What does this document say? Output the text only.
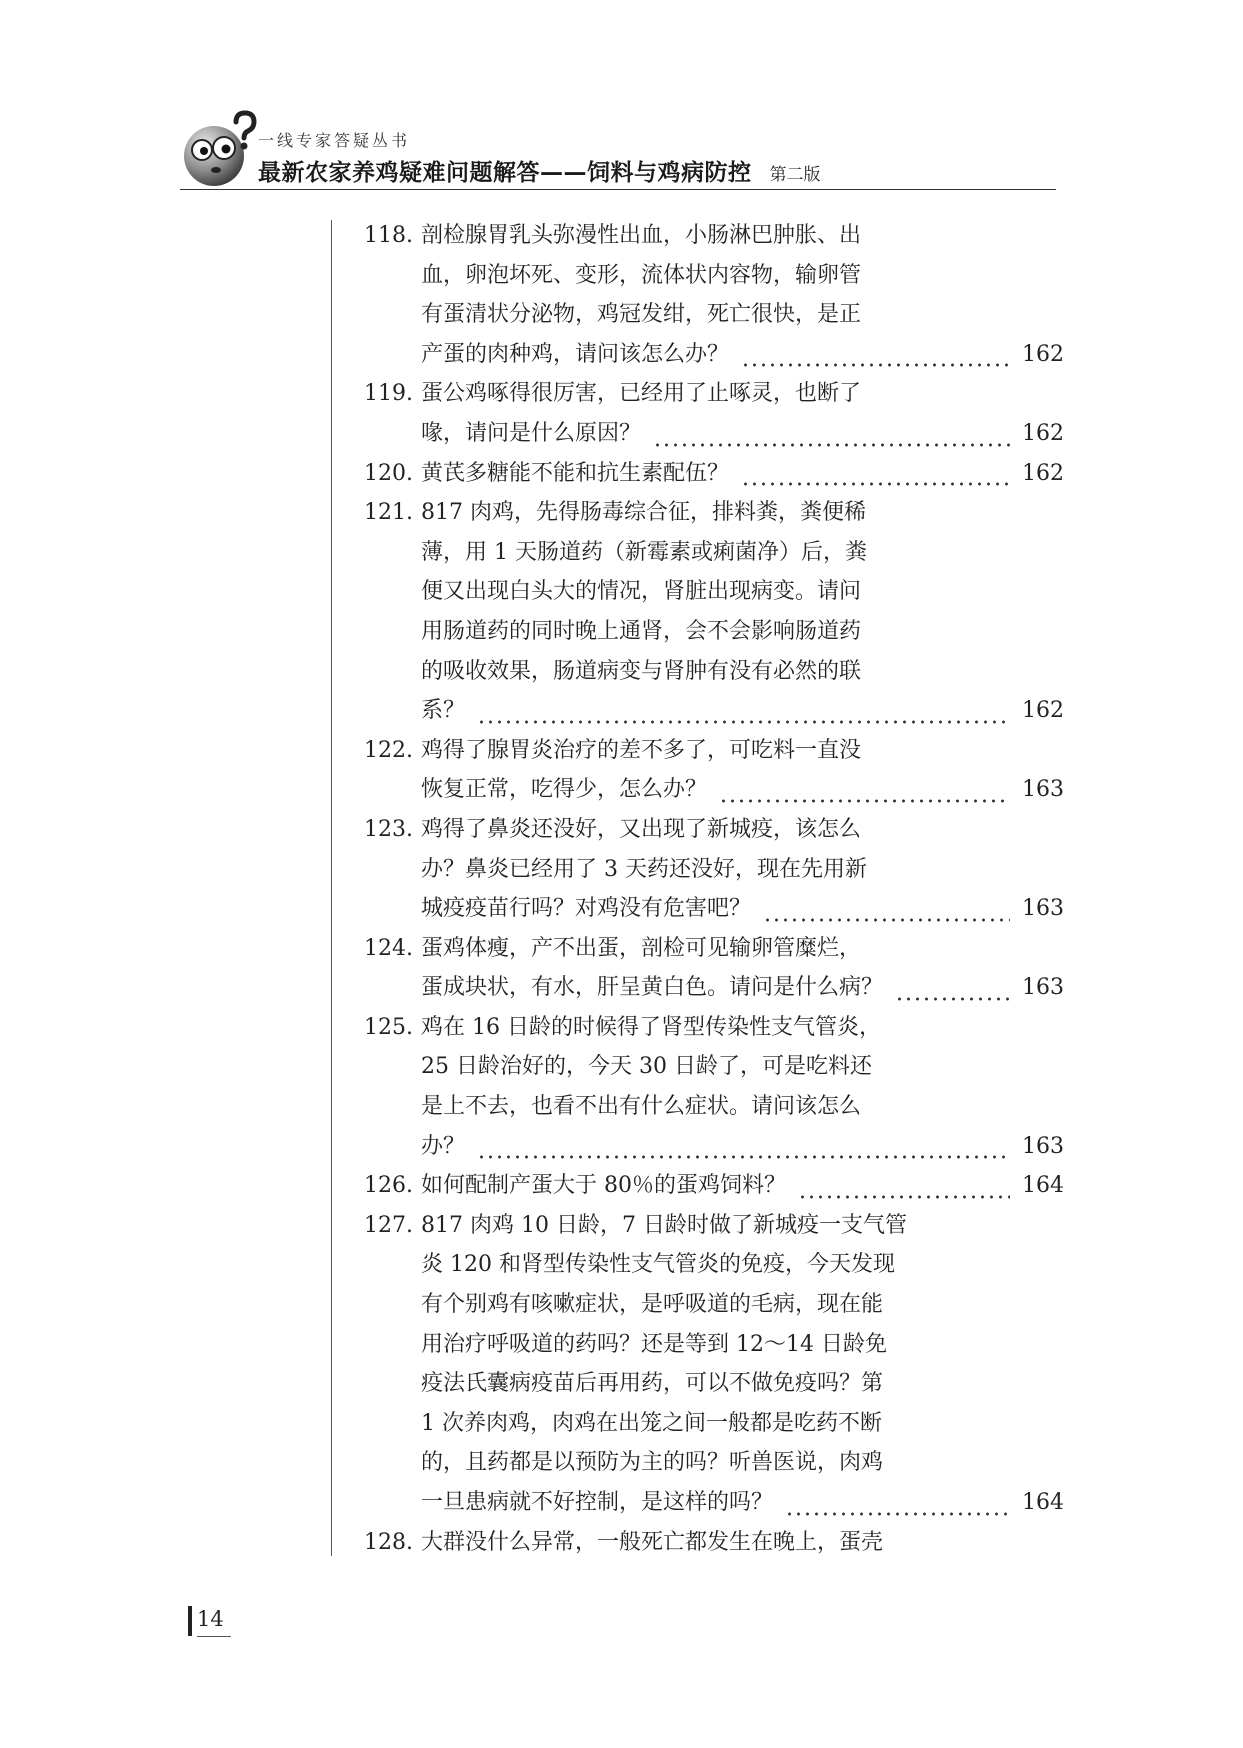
一线专家答疑丛书
最新农家养鸡疑难问题解答——饲料与鸡病防控 第二版
118. 剖检腺胃乳头弥漫性出血，小肠淋巴肿胀、出
血，卵泡坏死、变形，流体状内容物，输卵管
有蛋清状分泌物，鸡冠发绀，死亡很快，是正
产蛋的肉种鸡，请问该怎么办？	162
119. 蛋公鸡啄得很厉害，已经用了止啄灵，也断了
喙，请问是什么原因？	162
120. 黄芪多糖能不能和抗生素配伍？	162
121. 817 肉鸡，先得肠毒综合征，排料粪，粪便稀
薄，用 1 天肠道药（新霉素或痢菌净）后，粪
便又出现白头大的情况，肾脏出现病变。请问
用肠道药的同时晚上通肾，会不会影响肠道药
的吸收效果，肠道病变与肾肿有没有必然的联
系？	162
122. 鸡得了腺胃炎治疗的差不多了，可吃料一直没
恢复正常，吃得少，怎么办？	163
123. 鸡得了鼻炎还没好，又出现了新城疫，该怎么
办？鼻炎已经用了 3 天药还没好，现在先用新
城疫疫苗行吗？对鸡没有危害吧？	163
124. 蛋鸡体瘦，产不出蛋，剖检可见输卵管糜烂，
蛋成块状，有水，肝呈黄白色。请问是什么病？	163
125. 鸡在 16 日龄的时候得了肾型传染性支气管炎，
25 日龄治好的，今天 30 日龄了，可是吃料还
是上不去，也看不出有什么症状。请问该怎么
办？	163
126. 如何配制产蛋大于 80％的蛋鸡饲料？	164
127. 817 肉鸡 10 日龄，7 日龄时做了新城疫一支气管
炎 120 和肾型传染性支气管炎的免疫，今天发现
有个别鸡有咳嗽症状，是呼吸道的毛病，现在能
用治疗呼吸道的药吗？还是等到 12～14 日龄免
疫法氏囊病疫苗后再用药，可以不做免疫吗？第
1 次养肉鸡，肉鸡在出笼之间一般都是吃药不断
的，且药都是以预防为主的吗？听兽医说，肉鸡
一旦患病就不好控制，是这样的吗？	164
128. 大群没什么异常，一般死亡都发生在晚上，蛋壳
14
